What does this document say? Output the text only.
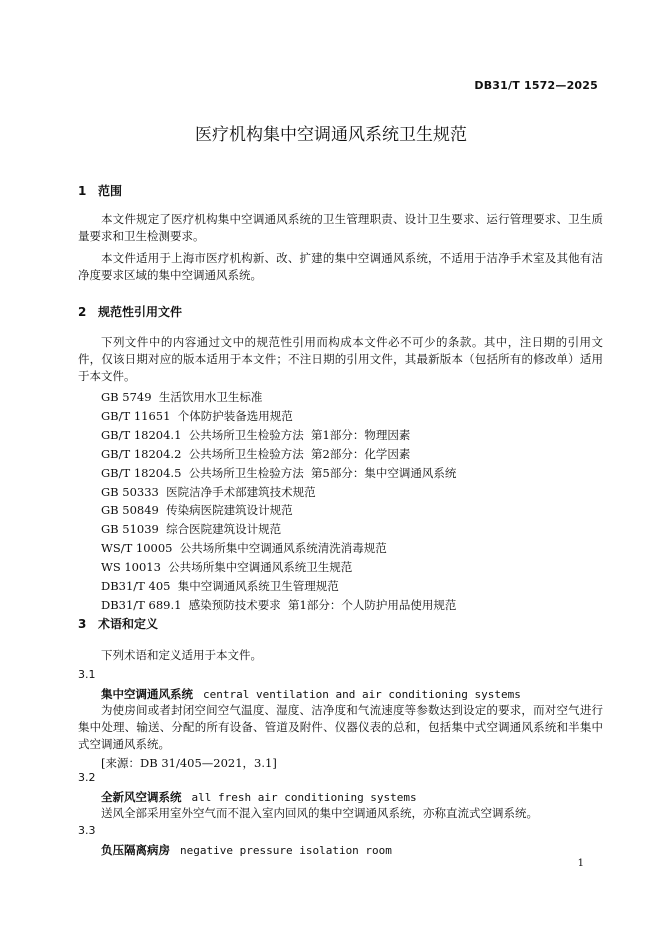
DB31/T 1572—2025
医疗机构集中空调通风系统卫生规范
1 范围
本文件规定了医疗机构集中空调通风系统的卫生管理职责、设计卫生要求、运行管理要求、卫生质量要求和卫生检测要求。
本文件适用于上海市医疗机构新、改、扩建的集中空调通风系统，不适用于洁净手术室及其他有洁净度要求区域的集中空调通风系统。
2 规范性引用文件
下列文件中的内容通过文中的规范性引用而构成本文件必不可少的条款。其中，注日期的引用文件，仅该日期对应的版本适用于本文件；不注日期的引用文件，其最新版本（包括所有的修改单）适用于本文件。
GB 5749  生活饮用水卫生标准
GB/T 11651  个体防护装备选用规范
GB/T 18204.1  公共场所卫生检验方法  第1部分：物理因素
GB/T 18204.2  公共场所卫生检验方法  第2部分：化学因素
GB/T 18204.5  公共场所卫生检验方法  第5部分：集中空调通风系统
GB 50333  医院洁净手术部建筑技术规范
GB 50849  传染病医院建筑设计规范
GB 51039  综合医院建筑设计规范
WS/T 10005  公共场所集中空调通风系统清洗消毒规范
WS 10013  公共场所集中空调通风系统卫生规范
DB31/T 405  集中空调通风系统卫生管理规范
DB31/T 689.1  感染预防技术要求  第1部分：个人防护用品使用规范
3 术语和定义
下列术语和定义适用于本文件。
3.1
集中空调通风系统 central ventilation and air conditioning systems
为使房间或者封闭空间空气温度、湿度、洁净度和气流速度等参数达到设定的要求，而对空气进行集中处理、输送、分配的所有设备、管道及附件、仪器仪表的总和，包括集中式空调通风系统和半集中式空调通风系统。
[来源：DB 31/405—2021，3.1]
3.2
全新风空调系统 all fresh air conditioning systems
送风全部采用室外空气而不混入室内回风的集中空调通风系统，亦称直流式空调系统。
3.3
负压隔离病房 negative pressure isolation room
1
